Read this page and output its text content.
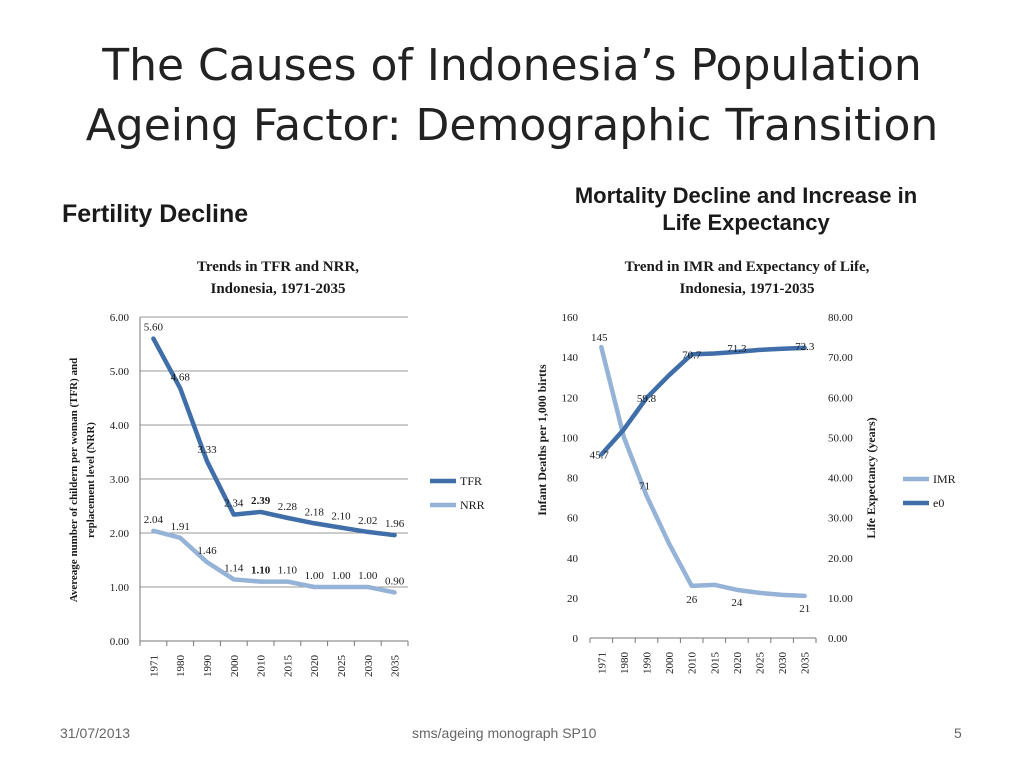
The Causes of Indonesia’s Population
Ageing Factor: Demographic Transition
Fertility Decline
Mortality Decline and Increase in
Life Expectancy
Trends in TFR and NRR,
Indonesia, 1971-2035
0.00
1.00
2.00
3.00
4.00
5.00
6.00
1971 1980 1990 2000 2010 2015 2020 2025 2030 2035
Avereage number of childern per woman (TFR) and replacement level (NRR)
5.60
4.68
3.33
2.34 2.39 2.28 2.18 2.10 2.02 1.96
TFR
2.04
1.91
1.46
1.14 1.10 1.10 1.00 1.00 1.00 0.90
NRR
Trend in IMR and Expectancy of Life,
Indonesia, 1971-2035
0
20
40
60
80
100
120
140
160
0.00
10.00
20.00
30.00
40.00
50.00
60.00
70.00
80.00
1971 1980 1990 2000 2010 2015 2020 2025 2030 2035
Infant Deaths per 1,000 birtts	Life Expectancy (years)
145
71
26	24
21
45.7
59.8
70.7
71.3	72.3
IMR
e0
31/07/2013	sms/ageing monograph SP10	5
